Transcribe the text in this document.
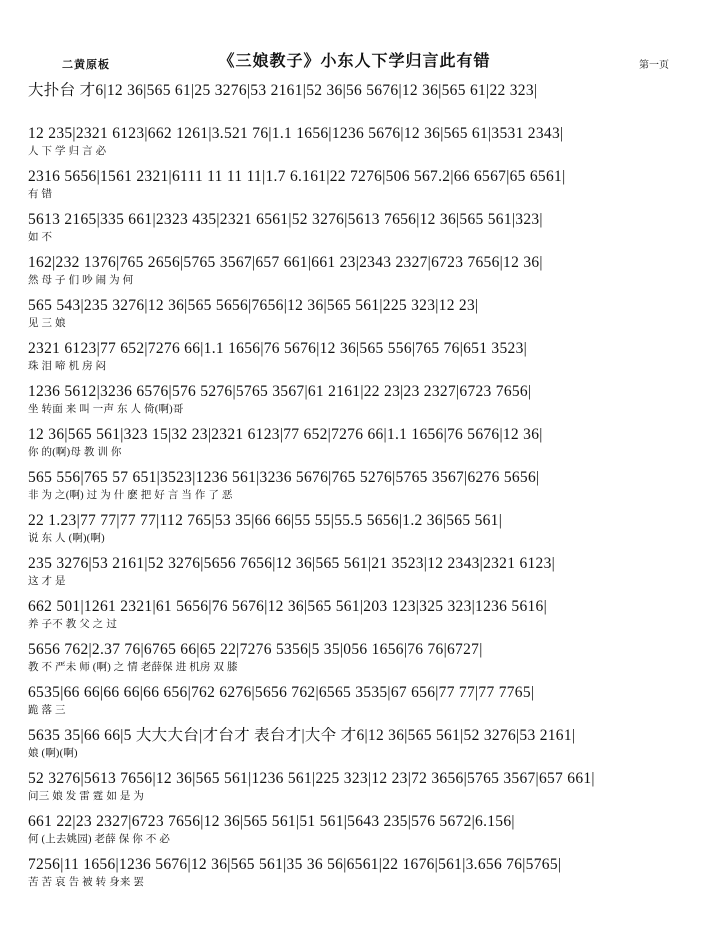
二黄原板	《三娘教子》小东人下学归言此有错	第一页
大扑台 才6|12 36|565 61|25 3276|53 2161|52 36|56 5676|12 36|565 61|22 323|
12 235|2321 6123|662 1261|3.521 76|1.1 1656|1236 5676|12 36|565 61|3531 2343|
人 下 学 归 言 必
2316 5656|1561 2321|6111 11 11 11|1.7 6.161|22 7276|506 567.2|66 6567|65 6561|
有 错
5613 2165|335 661|2323 435|2321 6561|52 3276|5613 7656|12 36|565 561|323|
如 不
162|232 1376|765 2656|5765 3567|657 661|661 23|2343 2327|6723 7656|12 36|
然 母 子 们 吵 闹 为 何
565 543|235 3276|12 36|565 5656|7656|12 36|565 561|225 323|12 23|
见 三 娘
2321 6123|77 652|7276 66|1.1 1656|76 5676|12 36|565 556|765 76|651 3523|
珠 泪 啼 机 房 闷
1236 5612|3236 6576|576 5276|5765 3567|61 2161|22 23|23 2327|6723 7656|
坐 转面 来 叫 一声 东 人 倚(啊)哥
12 36|565 561|323 15|32 23|2321 6123|77 652|7276 66|1.1 1656|76 5676|12 36|
你 的(啊)母 教 训 你
565 556|765 57 651|3523|1236 561|3236 5676|765 5276|5765 3567|6276 5656|
非 为 之(啊) 过 为 什 麽 把 好 言 当 作 了 恶
22 1.23|77 77|77 77|112 765|53 35|66 66|55 55|55.5 5656|1.2 36|565 561|
说 东 人 (啊)(啊)
235 3276|53 2161|52 3276|5656 7656|12 36|565 561|21 3523|12 2343|2321 6123|
这 才 是
662 501|1261 2321|61 5656|76 5676|12 36|565 561|203 123|325 323|1236 5616|
养 子不 教 父 之 过
5656 762|2.37 76|6765 66|65 22|7276 5356|5 35|056 1656|76 76|6727|
教 不 严未 师 (啊) 之 情 老薛保 进 机房 双 膝
6535|66 66|66 66|66 656|762 6276|5656 762|6565 3535|67 656|77 77|77 7765|
跪 落 三
5635 35|66 66|5 大大大台|才台才 表台才|大仐 才6|12 36|565 561|52 3276|53 2161|
娘 (啊)(啊)
52 3276|5613 7656|12 36|565 561|1236 561|225 323|12 23|72 3656|5765 3567|657 661|
问三 娘 发 雷 霆 如 是 为
661 22|23 2327|6723 7656|12 36|565 561|51 561|5643 235|576 5672|6.156|
何 (上去姚园) 老薛 保 你 不 必
7256|11 1656|1236 5676|12 36|565 561|35 36 56|6561|22 1676|561|3.656 76|5765|
苦 苦 哀 告 被 转 身来 罢
